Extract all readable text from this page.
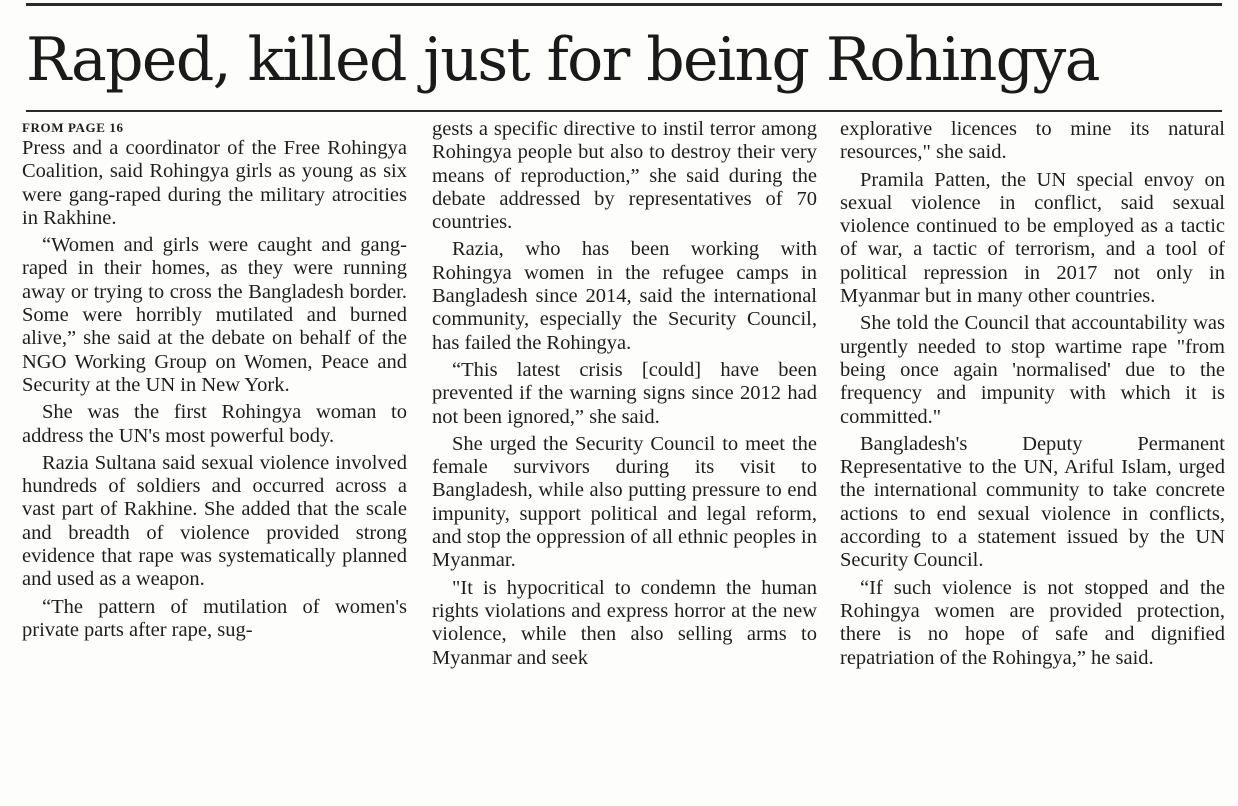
Raped, killed just for being Rohingya
FROM PAGE 16

Press and a coordinator of the Free Rohingya Coalition, said Rohingya girls as young as six were gang-raped during the military atrocities in Rakhine.

“Women and girls were caught and gang-raped in their homes, as they were running away or trying to cross the Bangladesh border. Some were horribly mutilated and burned alive,” she said at the debate on behalf of the NGO Working Group on Women, Peace and Security at the UN in New York.

She was the first Rohingya woman to address the UN's most powerful body.

Razia Sultana said sexual violence involved hundreds of soldiers and occurred across a vast part of Rakhine. She added that the scale and breadth of violence provided strong evidence that rape was systematically planned and used as a weapon.

“The pattern of mutilation of women's private parts after rape, sug-

gests a specific directive to instil terror among Rohingya people but also to destroy their very means of reproduction,” she said during the debate addressed by representatives of 70 countries.

Razia, who has been working with Rohingya women in the refugee camps in Bangladesh since 2014, said the international community, especially the Security Council, has failed the Rohingya.

“This latest crisis [could] have been prevented if the warning signs since 2012 had not been ignored,” she said.

She urged the Security Council to meet the female survivors during its visit to Bangladesh, while also putting pressure to end impunity, support political and legal reform, and stop the oppression of all ethnic peoples in Myanmar.

"It is hypocritical to condemn the human rights violations and express horror at the new violence, while then also selling arms to Myanmar and seek

explorative licences to mine its natural resources," she said.

Pramila Patten, the UN special envoy on sexual violence in conflict, said sexual violence continued to be employed as a tactic of war, a tactic of terrorism, and a tool of political repression in 2017 not only in Myanmar but in many other countries.

She told the Council that accountability was urgently needed to stop wartime rape "from being once again 'normalised' due to the frequency and impunity with which it is committed."

Bangladesh's Deputy Permanent Representative to the UN, Ariful Islam, urged the international community to take concrete actions to end sexual violence in conflicts, according to a statement issued by the UN Security Council.

“If such violence is not stopped and the Rohingya women are provided protection, there is no hope of safe and dignified repatriation of the Rohingya,” he said.
